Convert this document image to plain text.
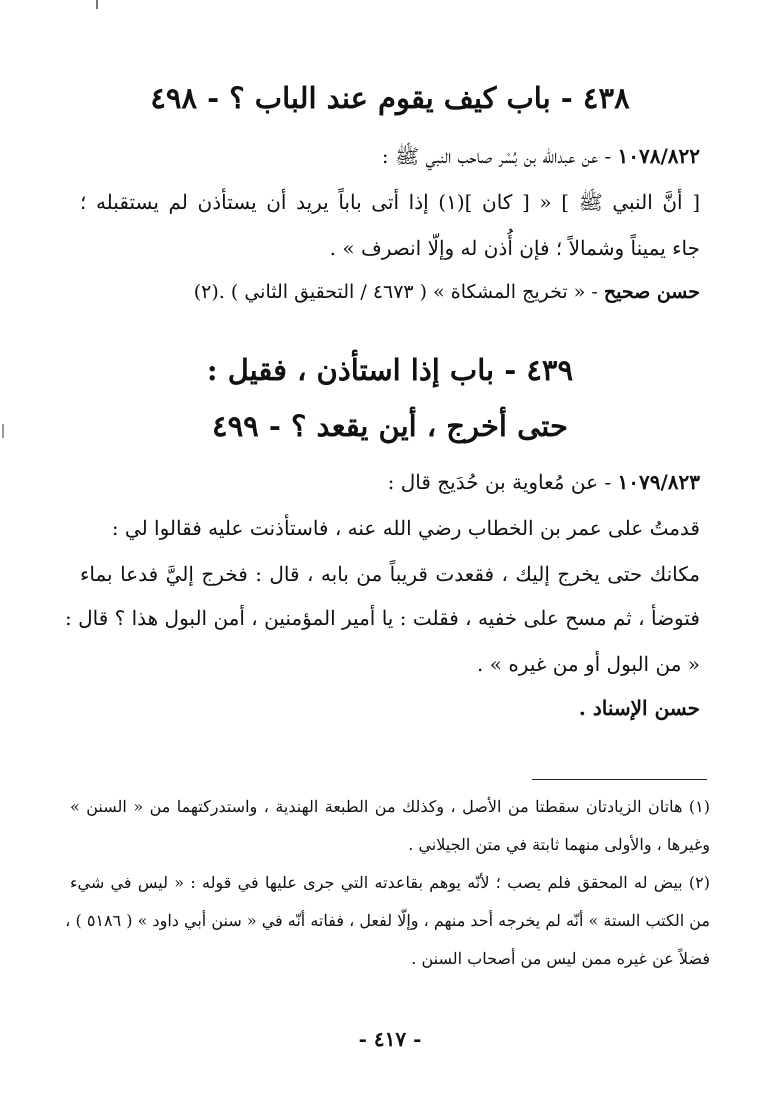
٤٣٨ - باب كيف يقوم عند الباب ؟ - ٤٩٨
١٠٧٨/٨٢٢ - عن عبدالله بن بُسْر صاحب النبي ﷺ :
[ أنَّ النبي ﷺ ] « [ كان ](١) إذا أتى باباً يريد أن يستأذن لم يستقبله ؛
جاء يميناً وشمالاً ؛ فإن أُذن له وإلّا انصرف » .
حسن صحيح - « تخريج المشكاة » ( ٤٦٧٣ / التحقيق الثاني ) .(٢)
٤٣٩ - باب إذا استأذن ، فقيل :
حتى أخرج ، أين يقعد ؟ - ٤٩٩
١٠٧٩/٨٢٣ - عن مُعاوية بن حُدَيج قال :
قدمتُ على عمر بن الخطاب رضي الله عنه ، فاستأذنت عليه فقالوا لي :
مكانك حتى يخرج إليك ، فقعدت قريباً من بابه ، قال : فخرج إليَّ فدعا بماء
فتوضأ ، ثم مسح على خفيه ، فقلت : يا أمير المؤمنين ، أمن البول هذا ؟ قال :
« من البول أو من غيره » .
حسن الإسناد .
(١) هاتان الزيادتان سقطتا من الأصل ، وكذلك من الطبعة الهندية ، واستدركتهما من « السنن »
وغيرها ، والأولى منهما ثابتة في متن الجيلاني .
(٢) بيض له المحقق فلم يصب ؛ لأنّه يوهم بقاعدته التي جرى عليها في قوله : « ليس في شيء
من الكتب الستة » أنّه لم يخرجه أحد منهم ، وإلّا لفعل ، ففاته أنّه في « سنن أبي داود » ( ٥١٨٦ ) ،
فضلاً عن غيره ممن ليس من أصحاب السنن .
- ٤١٧ -
